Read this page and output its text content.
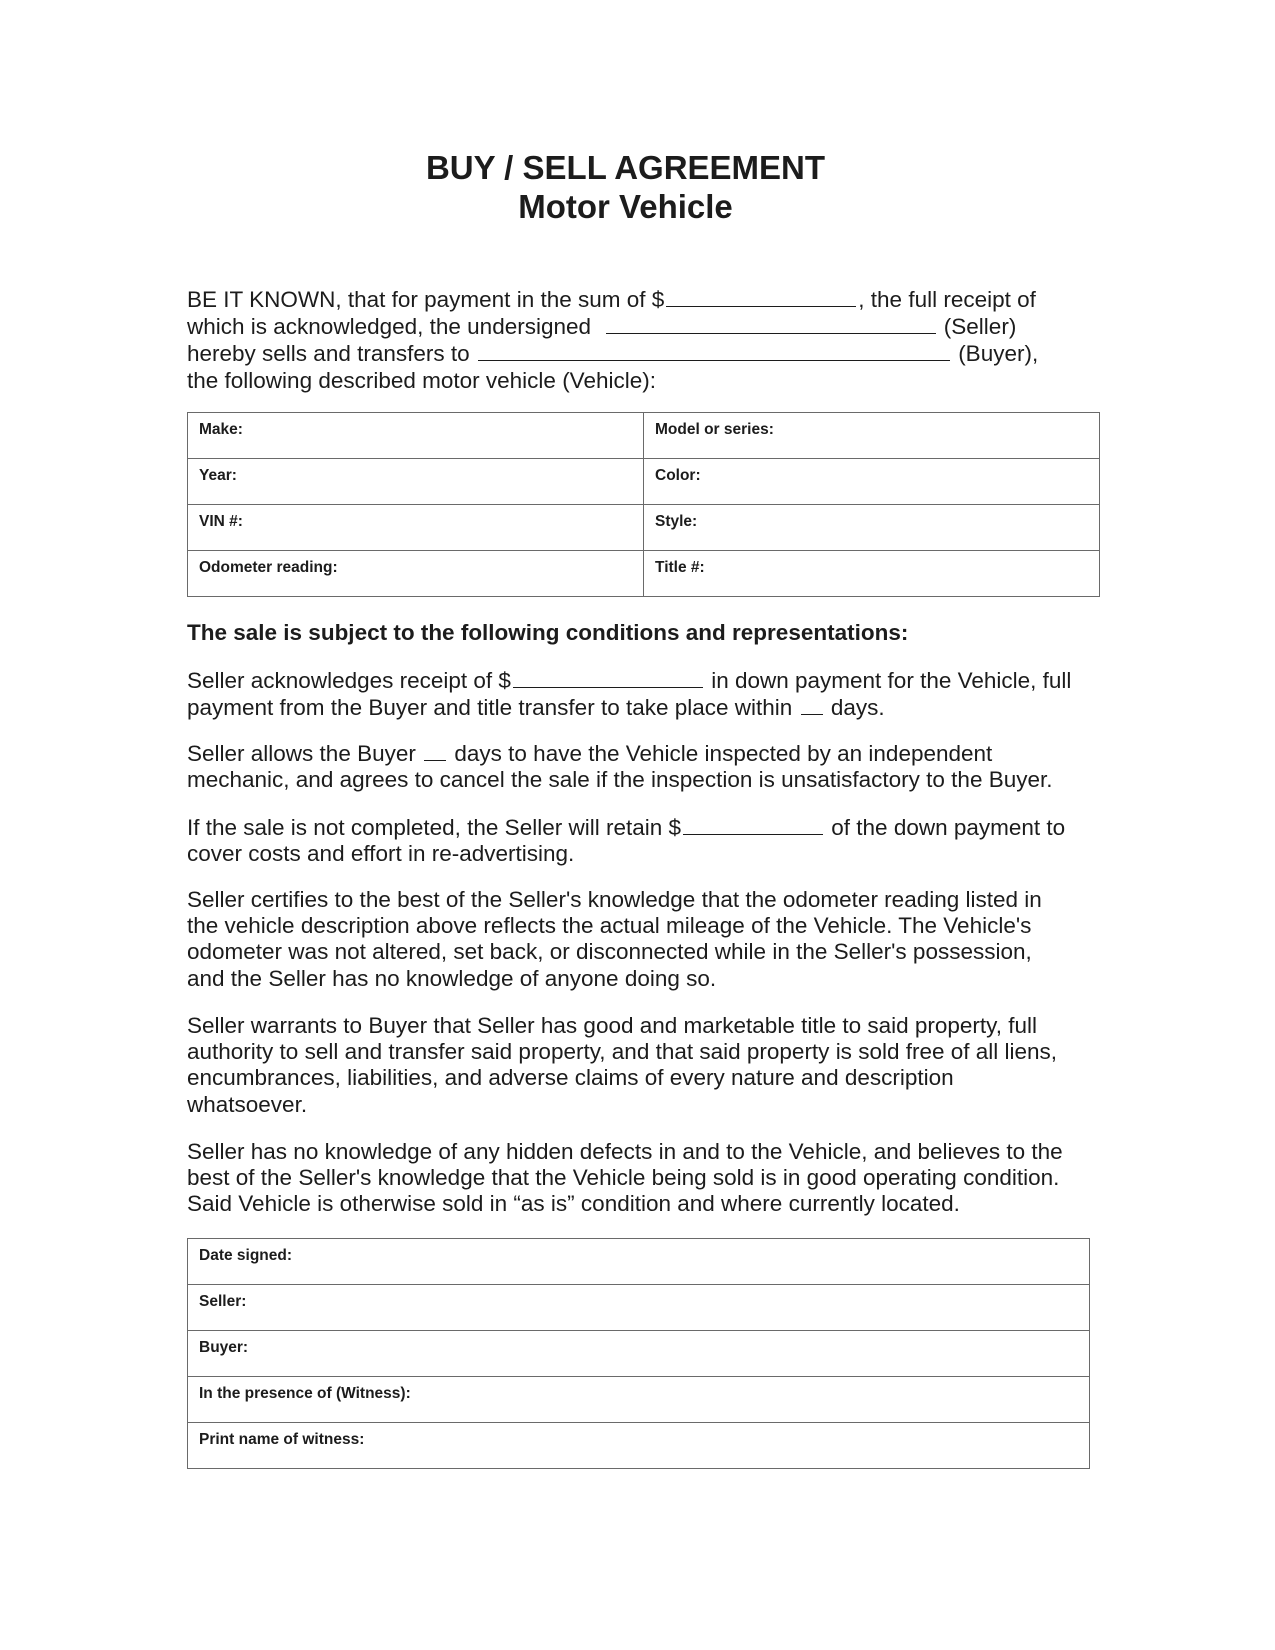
BUY / SELL AGREEMENT
Motor Vehicle
BE IT KNOWN, that for payment in the sum of $	, the full receipt of
which is acknowledged, the undersigned	(Seller)
hereby sells and transfers to	(Buyer),
the following described motor vehicle (Vehicle):
Make:	Model or series:
Year:	Color:
VIN #:	Style:
Odometer reading:	Title #:
The sale is subject to the following conditions and representations:
Seller acknowledges receipt of $	in down payment for the Vehicle, full
payment from the Buyer and title transfer to take place within days.
Seller allows the Buyer days to have the Vehicle inspected by an independent
mechanic, and agrees to cancel the sale if the inspection is unsatisfactory to the Buyer.
If the sale is not completed, the Seller will retain $	of the down payment to
cover costs and effort in re-advertising.
Seller certifies to the best of the Seller's knowledge that the odometer reading listed in
the vehicle description above reflects the actual mileage of the Vehicle. The Vehicle's
odometer was not altered, set back, or disconnected while in the Seller's possession,
and the Seller has no knowledge of anyone doing so.
Seller warrants to Buyer that Seller has good and marketable title to said property, full
authority to sell and transfer said property, and that said property is sold free of all liens,
encumbrances, liabilities, and adverse claims of every nature and description
whatsoever.
Seller has no knowledge of any hidden defects in and to the Vehicle, and believes to the
best of the Seller's knowledge that the Vehicle being sold is in good operating condition.
Said Vehicle is otherwise sold in “as is” condition and where currently located.
Date signed:
Seller:
Buyer:
In the presence of (Witness):
Print name of witness:
